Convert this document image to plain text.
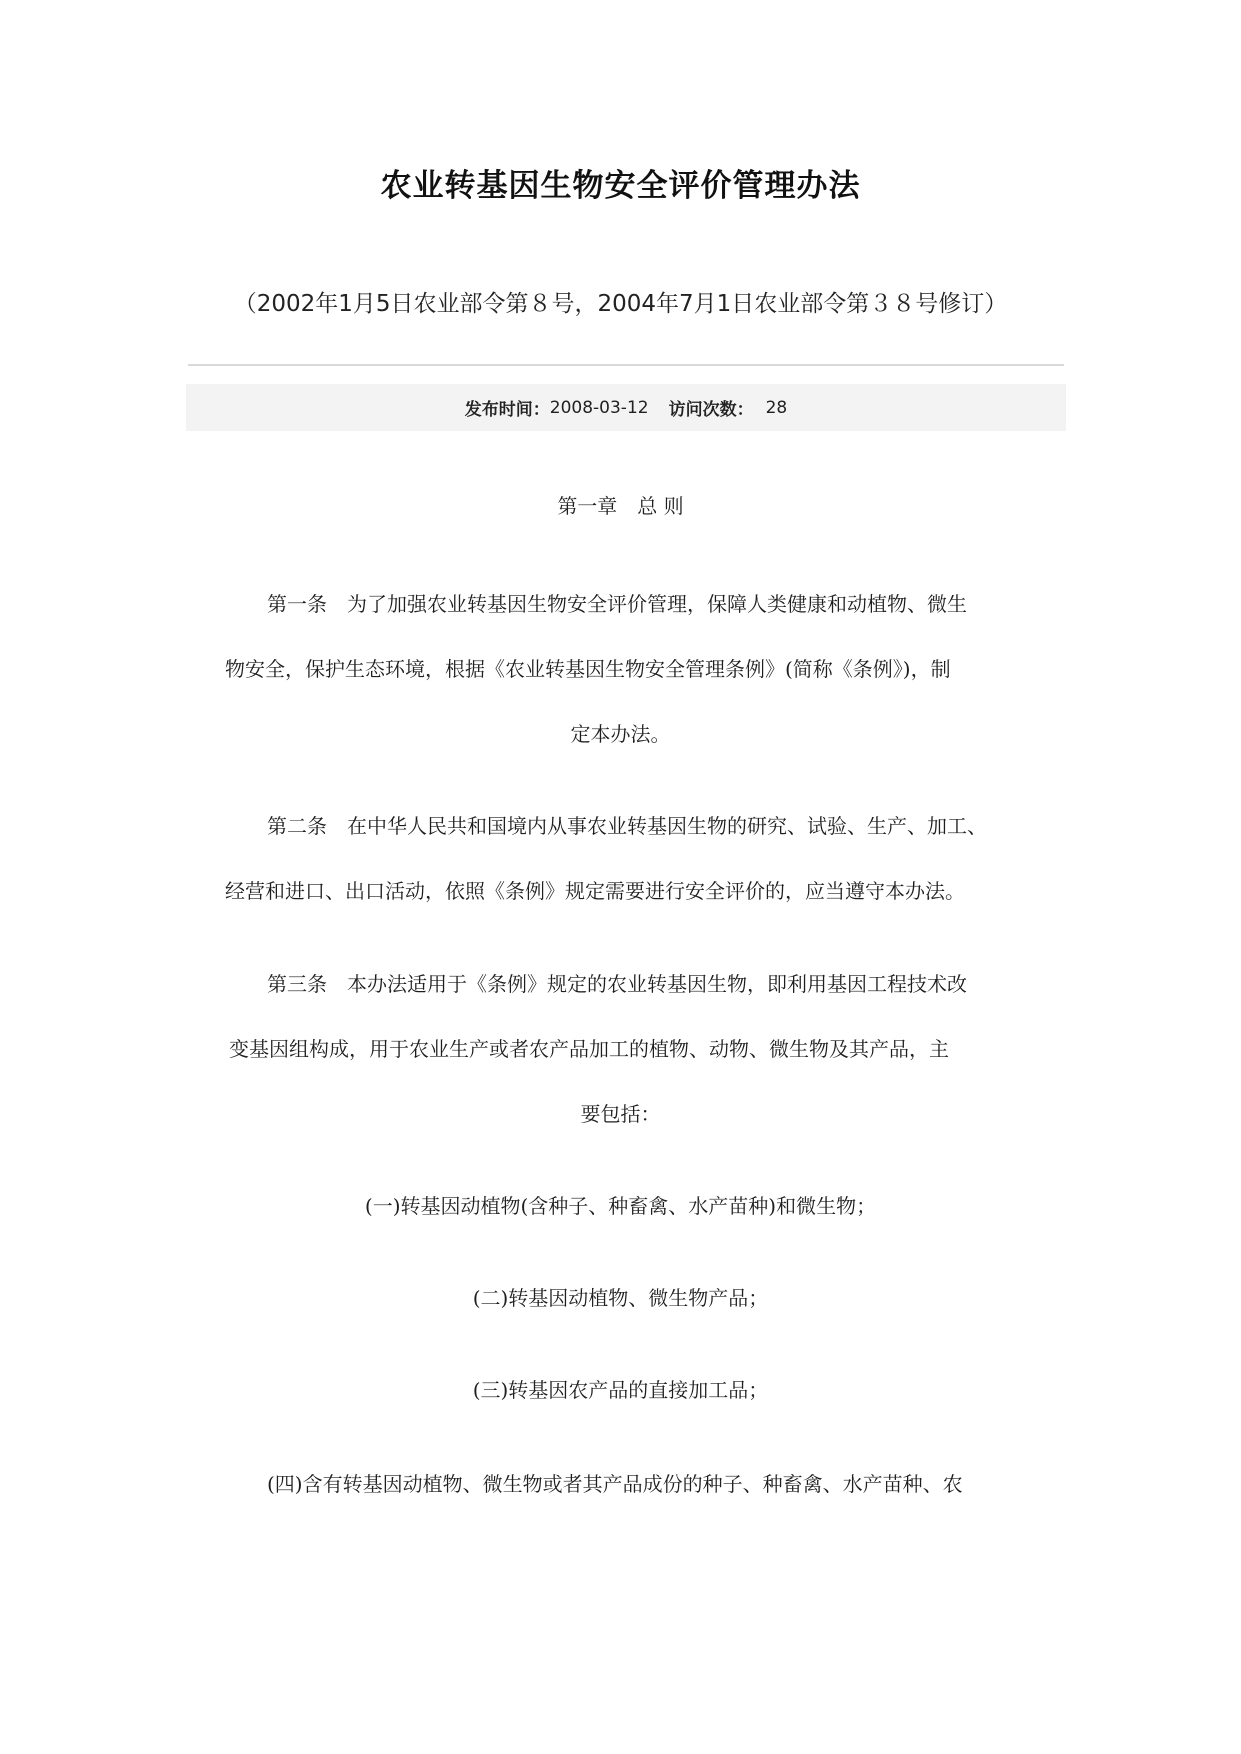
农业转基因生物安全评价管理办法
（2002年1月5日农业部令第８号，2004年7月1日农业部令第３８号修订）
发布时间： 2008-03-12 访问次数： 28
第一章　总 则
第一条　为了加强农业转基因生物安全评价管理，保障人类健康和动植物、微生
物安全，保护生态环境，根据《农业转基因生物安全管理条例》(简称《条例》)，制
定本办法。
第二条　在中华人民共和国境内从事农业转基因生物的研究、试验、生产、加工、
经营和进口、出口活动，依照《条例》规定需要进行安全评价的，应当遵守本办法。
第三条　本办法适用于《条例》规定的农业转基因生物，即利用基因工程技术改
变基因组构成，用于农业生产或者农产品加工的植物、动物、微生物及其产品，主
要包括：
(一)转基因动植物(含种子、种畜禽、水产苗种)和微生物；
(二)转基因动植物、微生物产品；
(三)转基因农产品的直接加工品；
(四)含有转基因动植物、微生物或者其产品成份的种子、种畜禽、水产苗种、农
